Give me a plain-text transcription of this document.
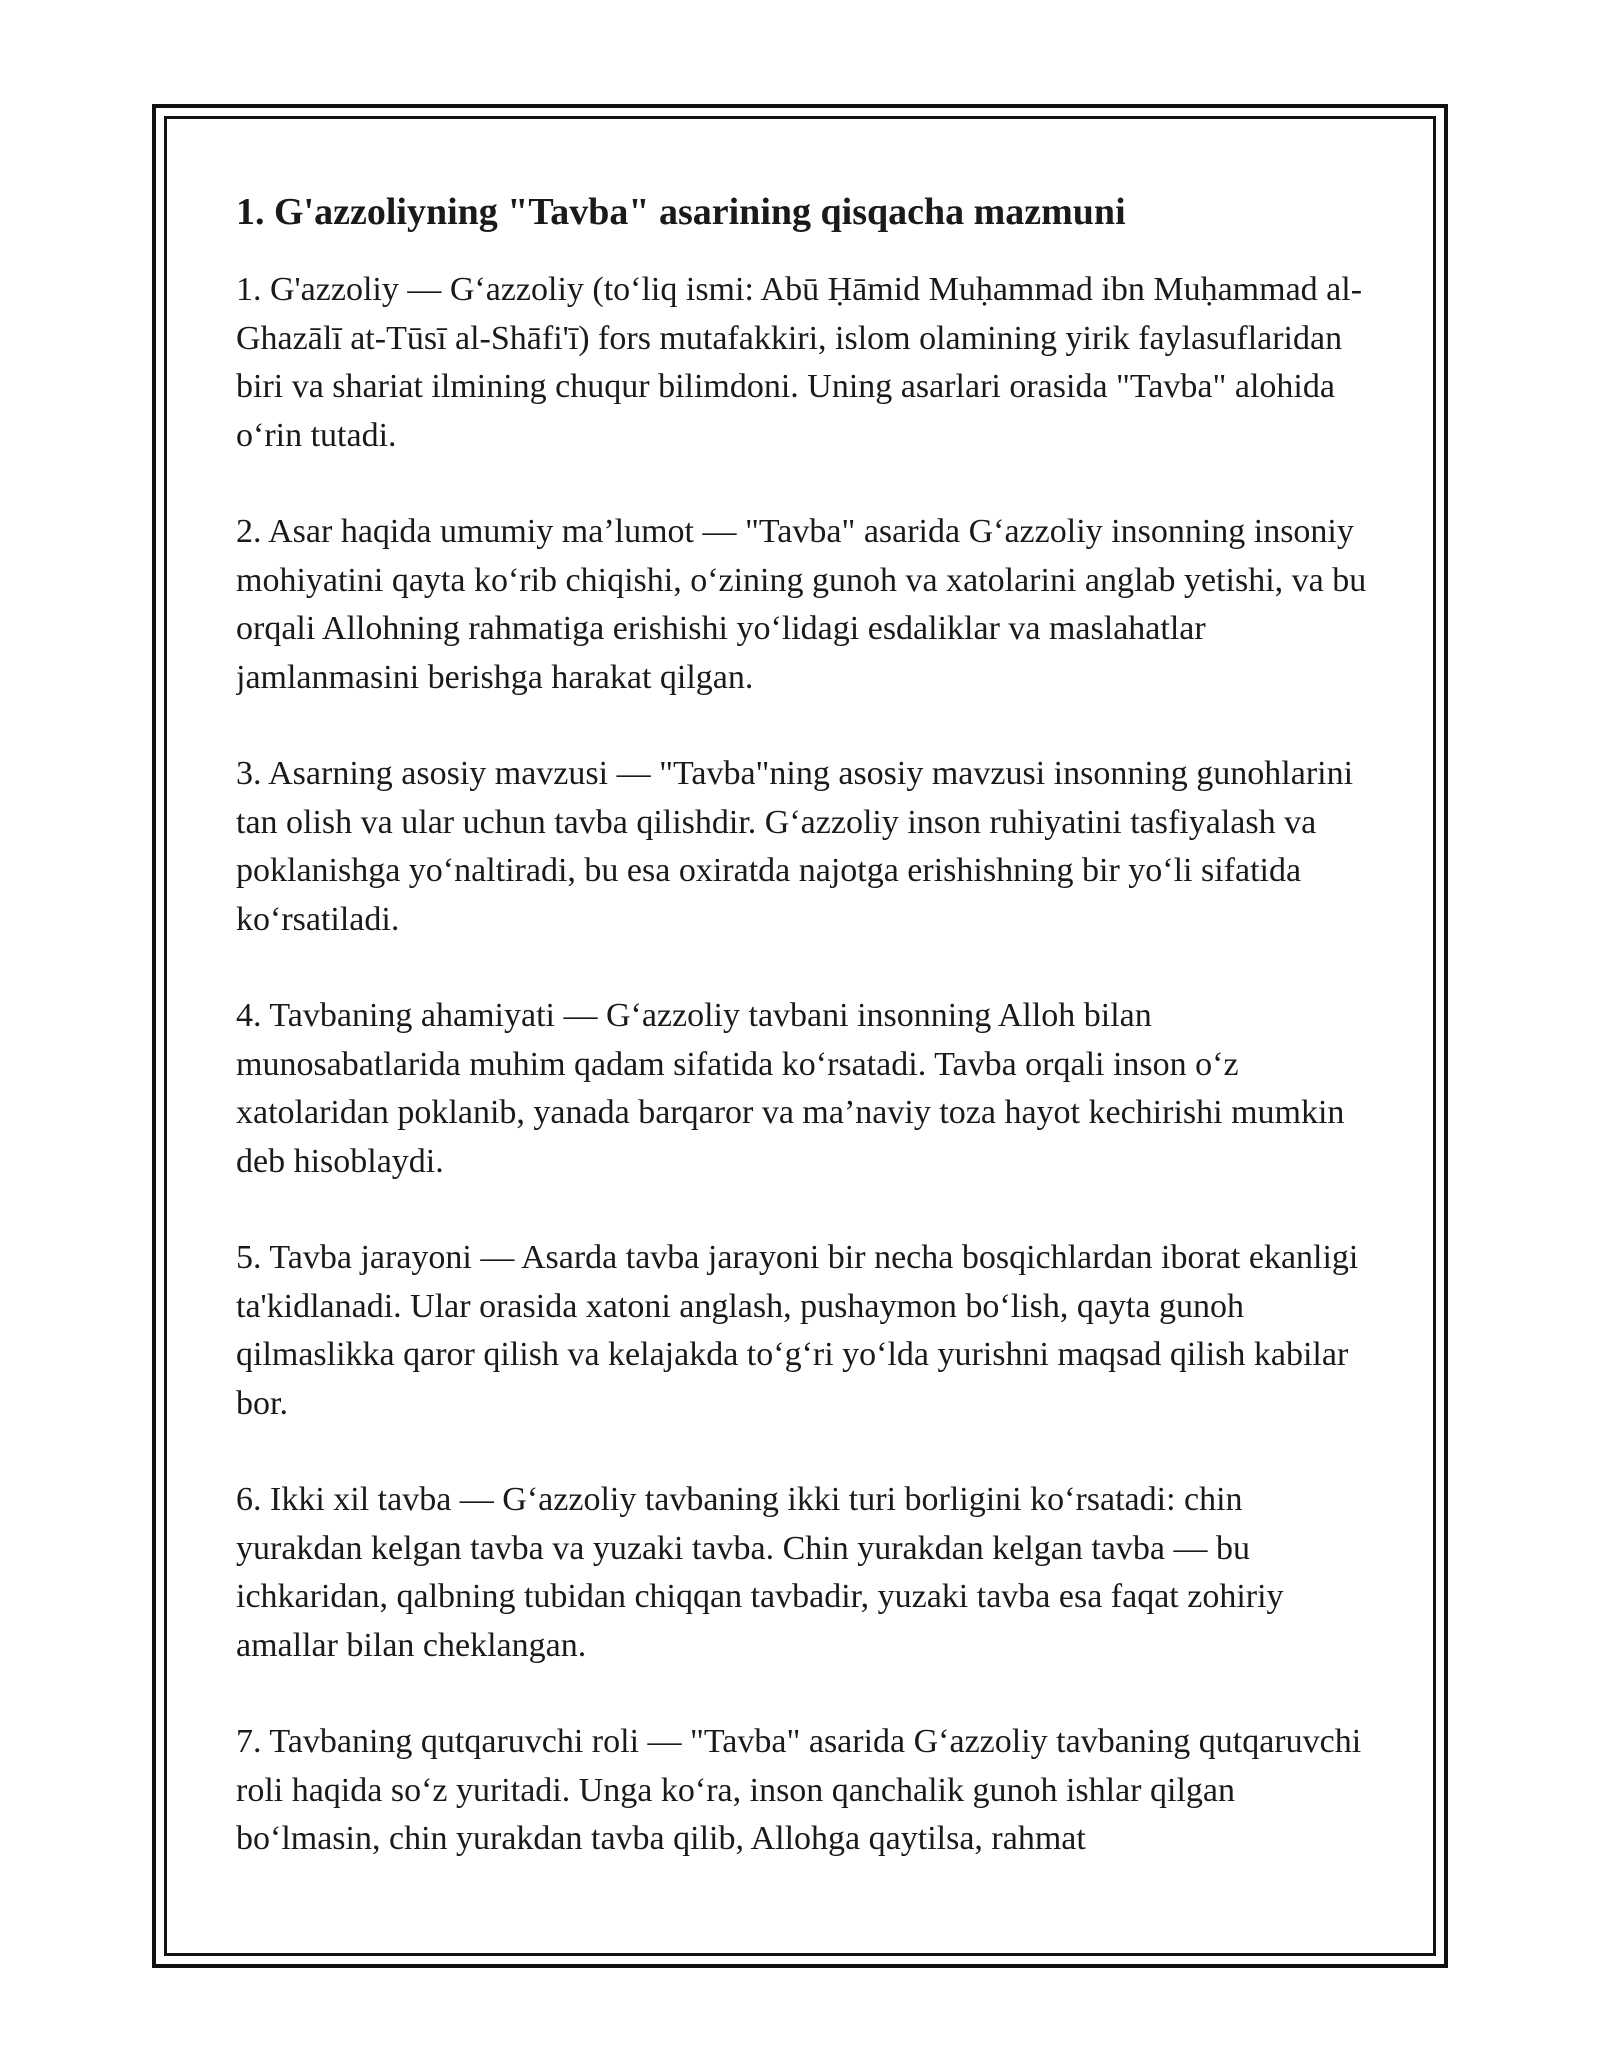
1. G'azzoliyning "Tavba" asarining qisqacha mazmuni

1. G'azzoliy — G‘azzoliy (to‘liq ismi: Abū Ḥāmid Muḥammad ibn Muḥammad al-Ghazālī at-Tūsī al-Shāfi'ī) fors mutafakkiri, islom olamining yirik faylasuflaridan biri va shariat ilmining chuqur bilimdoni. Uning asarlari orasida "Tavba" alohida o‘rin tutadi.

2. Asar haqida umumiy ma’lumot — "Tavba" asarida G‘azzoliy insonning insoniy mohiyatini qayta ko‘rib chiqishi, o‘zining gunoh va xatolarini anglab yetishi, va bu orqali Allohning rahmatiga erishishi yo‘lidagi esdaliklar va maslahatlar jamlanmasini berishga harakat qilgan.

3. Asarning asosiy mavzusi — "Tavba"ning asosiy mavzusi insonning gunohlarini tan olish va ular uchun tavba qilishdir. G‘azzoliy inson ruhiyatini tasfiyalash va poklanishga yo‘naltiradi, bu esa oxiratda najotga erishishning bir yo‘li sifatida ko‘rsatiladi.

4. Tavbaning ahamiyati — G‘azzoliy tavbani insonning Alloh bilan munosabatlarida muhim qadam sifatida ko‘rsatadi. Tavba orqali inson o‘z xatolaridan poklanib, yanada barqaror va ma’naviy toza hayot kechirishi mumkin deb hisoblaydi.

5. Tavba jarayoni — Asarda tavba jarayoni bir necha bosqichlardan iborat ekanligi ta'kidlanadi. Ular orasida xatoni anglash, pushaymon bo‘lish, qayta gunoh qilmaslikka qaror qilish va kelajakda to‘g‘ri yo‘lda yurishni maqsad qilish kabilar bor.

6. Ikki xil tavba — G‘azzoliy tavbaning ikki turi borligini ko‘rsatadi: chin yurakdan kelgan tavba va yuzaki tavba. Chin yurakdan kelgan tavba — bu ichkaridan, qalbning tubidan chiqqan tavbadir, yuzaki tavba esa faqat zohiriy amallar bilan cheklangan.

7. Tavbaning qutqaruvchi roli — "Tavba" asarida G‘azzoliy tavbaning qutqaruvchi roli haqida so‘z yuritadi. Unga ko‘ra, inson qanchalik gunoh ishlar qilgan bo‘lmasin, chin yurakdan tavba qilib, Allohga qaytilsa, rahmat
